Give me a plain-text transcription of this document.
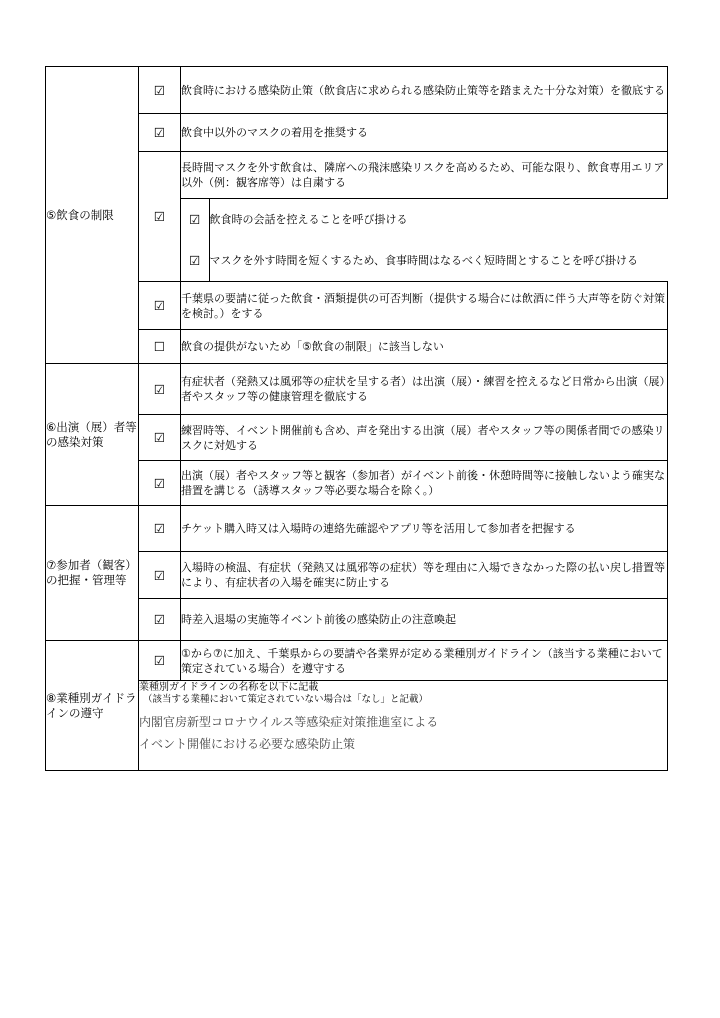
⑤飲食の制限	☑	飲食時における感染防止策（飲食店に求められる感染防止策等を踏まえた十分な対策）を徹底する
☑	飲食中以外のマスクの着用を推奨する
☑	長時間マスクを外す飲食は、隣席への飛沫感染リスクを高めるため、可能な限り、飲食専用エリア以外（例：観客席等）は自粛する

☑	飲食時の会話を控えることを呼び掛ける

☑	マスクを外す時間を短くするため、食事時間はなるべく短時間とすることを呼び掛ける

☑	千葉県の要請に従った飲食・酒類提供の可否判断（提供する場合には飲酒に伴う大声等を防ぐ対策を検討。）をする
☐	飲食の提供がないため「⑤飲食の制限」に該当しない
⑥出演（展）者等の感染対策	☑	有症状者（発熱又は風邪等の症状を呈する者）は出演（展）・練習を控えるなど日常から出演（展）者やスタッフ等の健康管理を徹底する
☑	練習時等、イベント開催前も含め、声を発出する出演（展）者やスタッフ等の関係者間での感染リスクに対処する
☑	出演（展）者やスタッフ等と観客（参加者）がイベント前後・休憩時間等に接触しないよう確実な措置を講じる（誘導スタッフ等必要な場合を除く。）
⑦参加者（観客）の把握・管理等	☑	チケット購入時又は入場時の連絡先確認やアプリ等を活用して参加者を把握する
☑	入場時の検温、有症状（発熱又は風邪等の症状）等を理由に入場できなかった際の払い戻し措置等により、有症状者の入場を確実に防止する
☑	時差入退場の実施等イベント前後の感染防止の注意喚起
⑧業種別ガイドラインの遵守	☑	①から⑦に加え、千葉県からの要請や各業界が定める業種別ガイドライン（該当する業種において策定されている場合）を遵守する

業種別ガイドラインの名称を以下に記載
（該当する業種において策定されていない場合は「なし」と記載）
内閣官房新型コロナウイルス等感染症対策推進室による
イベント開催における必要な感染防止策
